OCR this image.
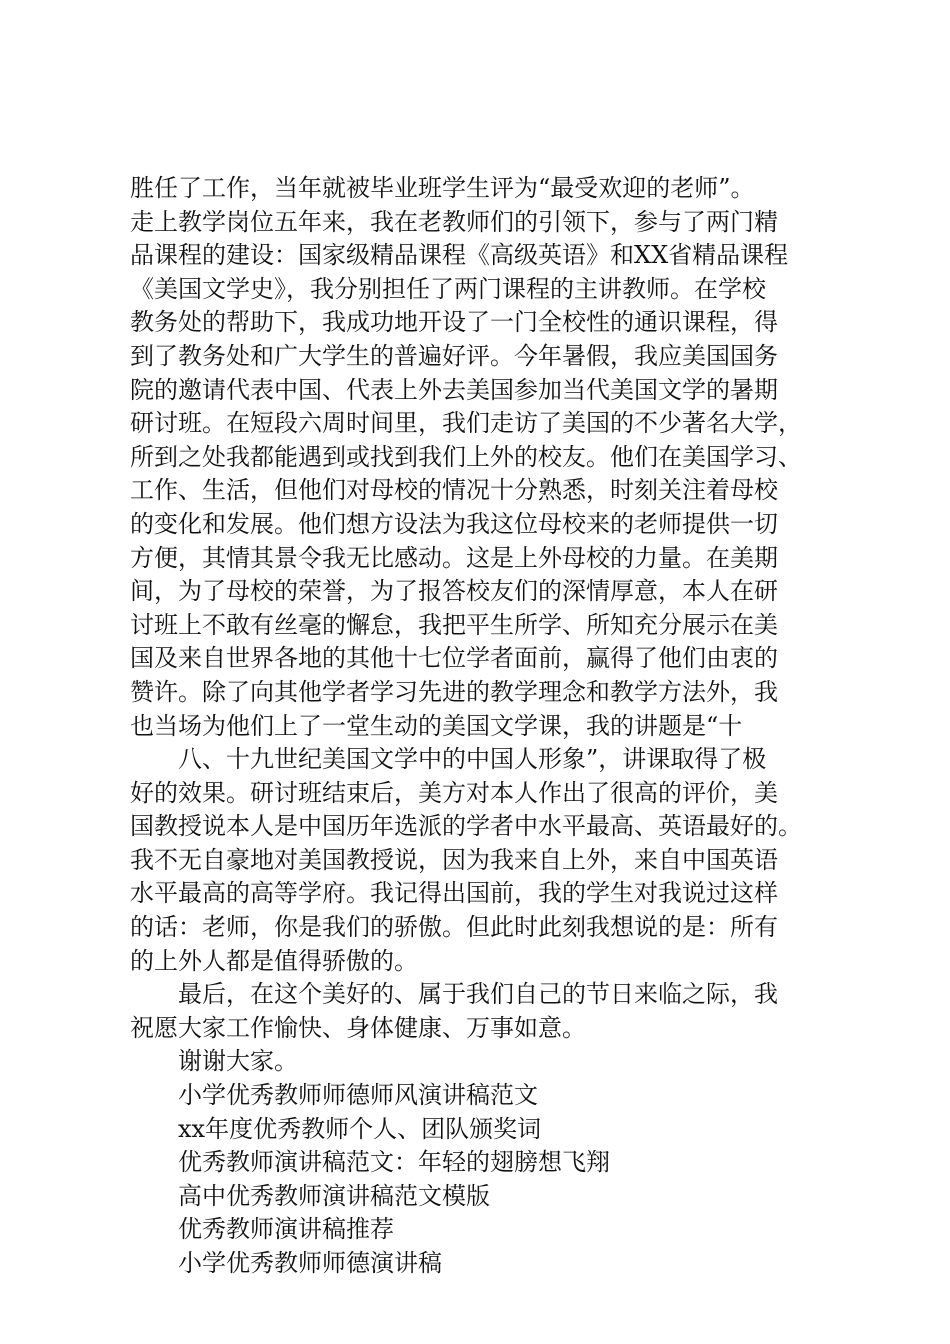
胜任了工作，当年就被毕业班学生评为“最受欢迎的老师”。
走上教学岗位五年来，我在老教师们的引领下，参与了两门精
品课程的建设：国家级精品课程《高级英语》和XX省精品课程
《美国文学史》，我分别担任了两门课程的主讲教师。在学校
教务处的帮助下，我成功地开设了一门全校性的通识课程，得
到了教务处和广大学生的普遍好评。今年暑假，我应美国国务
院的邀请代表中国、代表上外去美国参加当代美国文学的暑期
研讨班。在短段六周时间里，我们走访了美国的不少著名大学，
所到之处我都能遇到或找到我们上外的校友。他们在美国学习、
工作、生活，但他们对母校的情况十分熟悉，时刻关注着母校
的变化和发展。他们想方设法为我这位母校来的老师提供一切
方便，其情其景令我无比感动。这是上外母校的力量。在美期
间，为了母校的荣誉，为了报答校友们的深情厚意，本人在研
讨班上不敢有丝毫的懈怠，我把平生所学、所知充分展示在美
国及来自世界各地的其他十七位学者面前，赢得了他们由衷的
赞许。除了向其他学者学习先进的教学理念和教学方法外，我
也当场为他们上了一堂生动的美国文学课，我的讲题是“十
八、十九世纪美国文学中的中国人形象”，讲课取得了极
好的效果。研讨班结束后，美方对本人作出了很高的评价，美
国教授说本人是中国历年选派的学者中水平最高、英语最好的。
我不无自豪地对美国教授说，因为我来自上外，来自中国英语
水平最高的高等学府。我记得出国前，我的学生对我说过这样
的话：老师，你是我们的骄傲。但此时此刻我想说的是：所有
的上外人都是值得骄傲的。
最后，在这个美好的、属于我们自己的节日来临之际，我
祝愿大家工作愉快、身体健康、万事如意。
谢谢大家。
小学优秀教师师德师风演讲稿范文
xx年度优秀教师个人、团队颁奖词
优秀教师演讲稿范文：年轻的翅膀想飞翔
高中优秀教师演讲稿范文模版
优秀教师演讲稿推荐
小学优秀教师师德演讲稿
